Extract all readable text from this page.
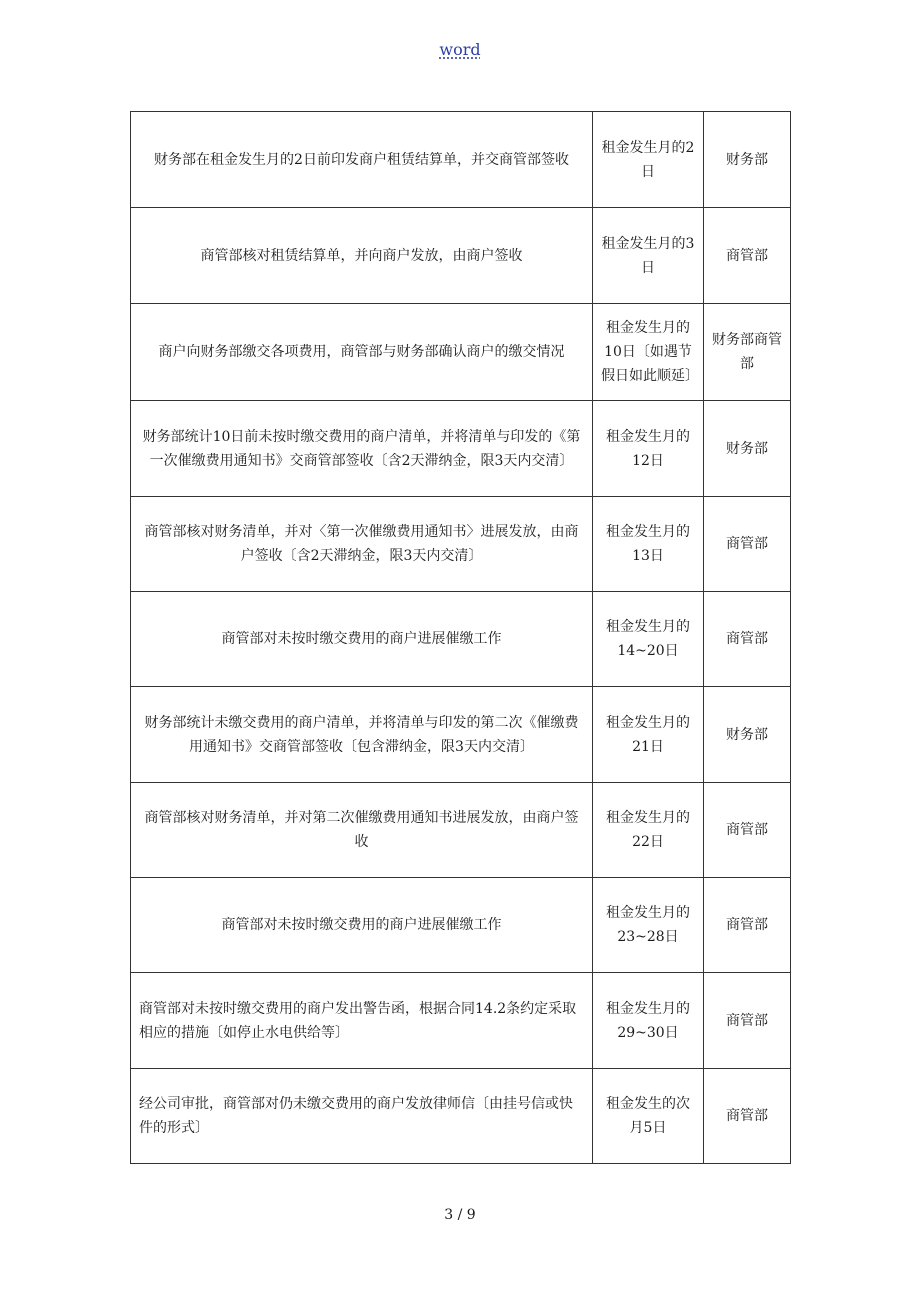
word
财务部在租金发生月的2日前印发商户租赁结算单，并交商管部签收	租金发生月的2日	财务部
商管部核对租赁结算单，并向商户发放，由商户签收	租金发生月的3日	商管部
商户向财务部缴交各项费用，商管部与财务部确认商户的缴交情况	租金发生月的10日〔如遇节假日如此顺延〕	财务部商管部
财务部统计10日前未按时缴交费用的商户清单，并将清单与印发的《第一次催缴费用通知书》交商管部签收〔含2天滞纳金，限3天内交清〕	租金发生月的12日	财务部
商管部核对财务清单，并对〈第一次催缴费用通知书〉进展发放，由商户签收〔含2天滞纳金，限3天内交清〕	租金发生月的13日	商管部
商管部对未按时缴交费用的商户进展催缴工作	租金发生月的14~20日	商管部
财务部统计未缴交费用的商户清单，并将清单与印发的第二次《催缴费用通知书》交商管部签收〔包含滞纳金，限3天内交清〕	租金发生月的21日	财务部
商管部核对财务清单，并对第二次催缴费用通知书进展发放，由商户签收	租金发生月的22日	商管部
商管部对未按时缴交费用的商户进展催缴工作	租金发生月的23~28日	商管部
商管部对未按时缴交费用的商户发出警告函，根据合同14.2条约定采取相应的措施〔如停止水电供给等〕	租金发生月的29~30日	商管部
经公司审批，商管部对仍未缴交费用的商户发放律师信〔由挂号信或快件的形式〕	租金发生的次月5日	商管部
3 / 9
